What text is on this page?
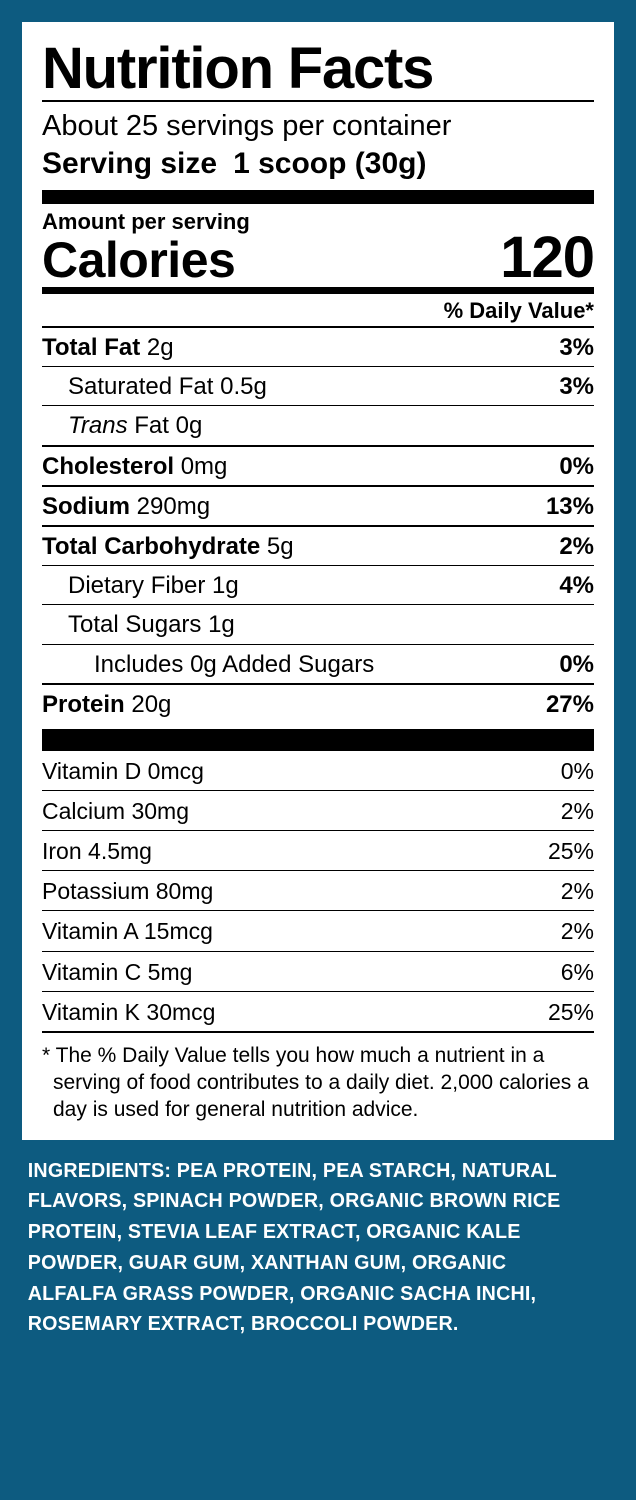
Nutrition Facts
About 25 servings per container
Serving size 1 scoop (30g)
Amount per serving
Calories	120
% Daily Value*
Total Fat 2g	3%
Saturated Fat 0.5g	3%
Trans Fat 0g
Cholesterol 0mg	0%
Sodium 290mg	13%
Total Carbohydrate 5g	2%
Dietary Fiber 1g	4%
Total Sugars 1g
Includes 0g Added Sugars	0%
Protein 20g	27%
Vitamin D 0mcg	0%
Calcium 30mg	2%
Iron 4.5mg	25%
Potassium 80mg	2%
Vitamin A 15mcg	2%
Vitamin C 5mg	6%
Vitamin K 30mcg	25%
* The % Daily Value tells you how much a nutrient in a serving of food contributes to a daily diet. 2,000 calories a day is used for general nutrition advice.
INGREDIENTS: PEA PROTEIN, PEA STARCH, NATURAL FLAVORS, SPINACH POWDER, ORGANIC BROWN RICE PROTEIN, STEVIA LEAF EXTRACT, ORGANIC KALE POWDER, GUAR GUM, XANTHAN GUM, ORGANIC ALFALFA GRASS POWDER, ORGANIC SACHA INCHI, ROSEMARY EXTRACT, BROCCOLI POWDER.
